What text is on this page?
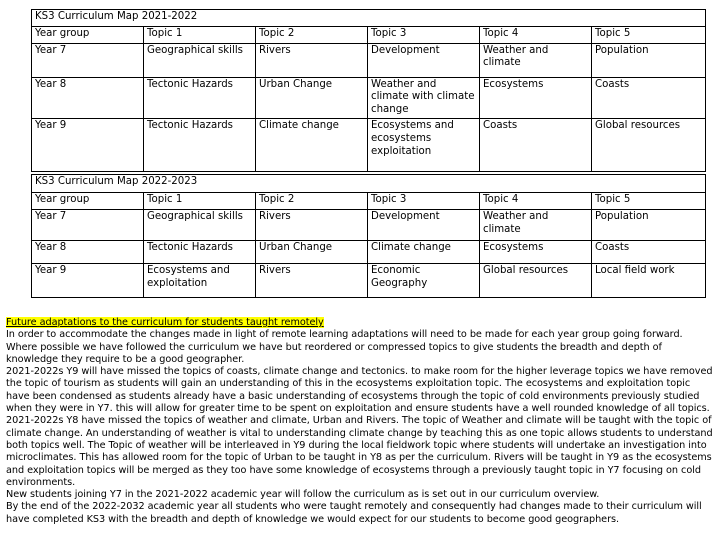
KS3 Curriculum Map 2021-2022					
Year group	Topic 1	Topic 2	Topic 3	Topic 4	Topic 5
Year 7	Geographical skills	Rivers	Development	Weather and climate	Population
Year 8	Tectonic Hazards	Urban Change	Weather and climate with climate change	Ecosystems	Coasts
Year 9	Tectonic Hazards	Climate change	Ecosystems and ecosystems exploitation	Coasts	Global resources
KS3 Curriculum Map 2022-2023					
Year group	Topic 1	Topic 2	Topic 3	Topic 4	Topic 5
Year 7	Geographical skills	Rivers	Development	Weather and climate	Population
Year 8	Tectonic Hazards	Urban Change	Climate change	Ecosystems	Coasts
Year 9	Ecosystems and exploitation	Rivers	Economic Geography	Global resources	Local field work

Future adaptations to the curriculum for students taught remotely

In order to accommodate the changes made in light of remote learning adaptations will need to be made for each year group going forward. Where possible we have followed the curriculum we have but reordered or compressed topics to give students the breadth and depth of knowledge they require to be a good geographer.

2021-2022s Y9 will have missed the topics of coasts, climate change and tectonics. to make room for the higher leverage topics we have removed the topic of tourism as students will gain an understanding of this in the ecosystems exploitation topic. The ecosystems and exploitation topic have been condensed as students already have a basic understanding of ecosystems through the topic of cold environments previously studied when they were in Y7. this will allow for greater time to be spent on exploitation and ensure students have a well rounded knowledge of all topics.

2021-2022s Y8 have missed the topics of weather and climate, Urban and Rivers. The topic of Weather and climate will be taught with the topic of climate change. An understanding of weather is vital to understanding climate change by teaching this as one topic allows students to understand both topics well. The Topic of weather will be interleaved in Y9 during the local fieldwork topic where students will undertake an investigation into microclimates. This has allowed room for the topic of Urban to be taught in Y8 as per the curriculum. Rivers will be taught in Y9 as the ecosystems and exploitation topics will be merged as they too have some knowledge of ecosystems through a previously taught topic in Y7 focusing on cold environments.

New students joining Y7 in the 2021-2022 academic year will follow the curriculum as is set out in our curriculum overview.

By the end of the 2022-2032 academic year all students who were taught remotely and consequently had changes made to their curriculum will have completed KS3 with the breadth and depth of knowledge we would expect for our students to become good geographers.
